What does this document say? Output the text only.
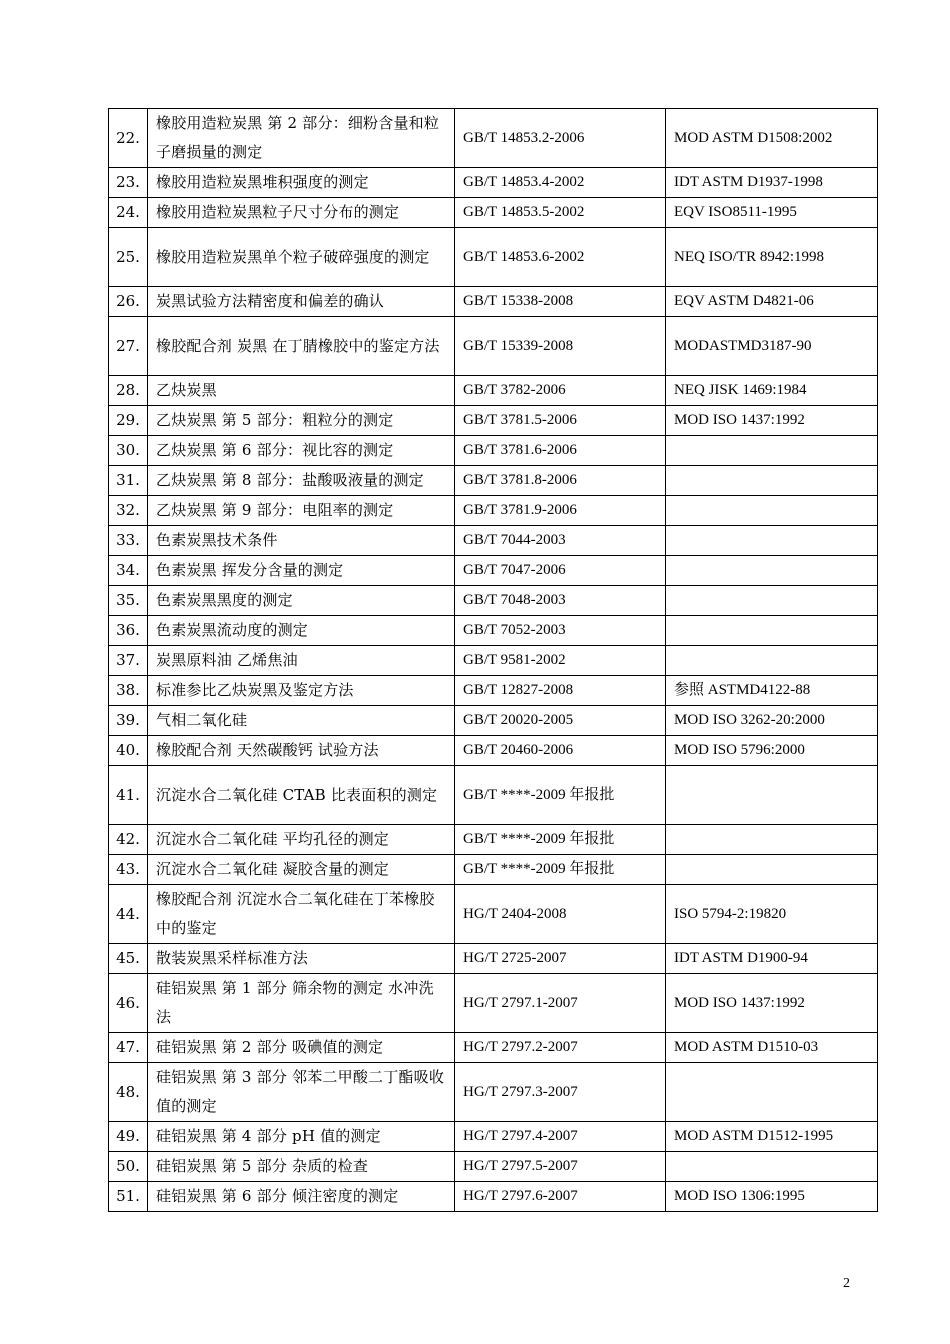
22.	橡胶用造粒炭黑 第 2 部分：细粉含量和粒子磨损量的测定	GB/T 14853.2-2006	MOD ASTM D1508:2002
23.	橡胶用造粒炭黑堆积强度的测定	GB/T 14853.4-2002	IDT ASTM D1937-1998
24.	橡胶用造粒炭黑粒子尺寸分布的测定	GB/T 14853.5-2002	EQV ISO8511-1995
25.	橡胶用造粒炭黑单个粒子破碎强度的测定	GB/T 14853.6-2002	NEQ ISO/TR 8942:1998
26.	炭黑试验方法精密度和偏差的确认	GB/T 15338-2008	EQV ASTM D4821-06
27.	橡胶配合剂 炭黑 在丁腈橡胶中的鉴定方法	GB/T 15339-2008	MODASTMD3187-90
28.	乙炔炭黑	GB/T 3782-2006	NEQ JISK 1469:1984
29.	乙炔炭黑 第 5 部分：粗粒分的测定	GB/T 3781.5-2006	MOD ISO 1437:1992
30.	乙炔炭黑 第 6 部分：视比容的测定	GB/T 3781.6-2006	
31.	乙炔炭黑 第 8 部分：盐酸吸液量的测定	GB/T 3781.8-2006	
32.	乙炔炭黑 第 9 部分：电阻率的测定	GB/T 3781.9-2006	
33.	色素炭黑技术条件	GB/T 7044-2003	
34.	色素炭黑 挥发分含量的测定	GB/T 7047-2006	
35.	色素炭黑黑度的测定	GB/T 7048-2003	
36.	色素炭黑流动度的测定	GB/T 7052-2003	
37.	炭黑原料油 乙烯焦油	GB/T 9581-2002	
38.	标准参比乙炔炭黑及鉴定方法	GB/T 12827-2008	参照 ASTMD4122-88
39.	气相二氧化硅	GB/T 20020-2005	MOD ISO 3262-20:2000
40.	橡胶配合剂 天然碳酸钙 试验方法	GB/T 20460-2006	MOD ISO 5796:2000
41.	沉淀水合二氧化硅 CTAB 比表面积的测定	GB/T ****-2009 年报批	
42.	沉淀水合二氧化硅 平均孔径的测定	GB/T ****-2009 年报批	
43.	沉淀水合二氧化硅 凝胶含量的测定	GB/T ****-2009 年报批	
44.	橡胶配合剂 沉淀水合二氧化硅在丁苯橡胶中的鉴定	HG/T 2404-2008	ISO 5794-2:19820
45.	散装炭黑采样标准方法	HG/T 2725-2007	IDT ASTM D1900-94
46.	硅铝炭黑 第 1 部分 筛余物的测定 水冲洗法	HG/T 2797.1-2007	MOD ISO 1437:1992
47.	硅铝炭黑 第 2 部分 吸碘值的测定	HG/T 2797.2-2007	MOD ASTM D1510-03
48.	硅铝炭黑 第 3 部分 邻苯二甲酸二丁酯吸收值的测定	HG/T 2797.3-2007	
49.	硅铝炭黑 第 4 部分 pH 值的测定	HG/T 2797.4-2007	MOD ASTM D1512-1995
50.	硅铝炭黑 第 5 部分 杂质的检查	HG/T 2797.5-2007	
51.	硅铝炭黑 第 6 部分 倾注密度的测定	HG/T 2797.6-2007	MOD ISO 1306:1995
2
